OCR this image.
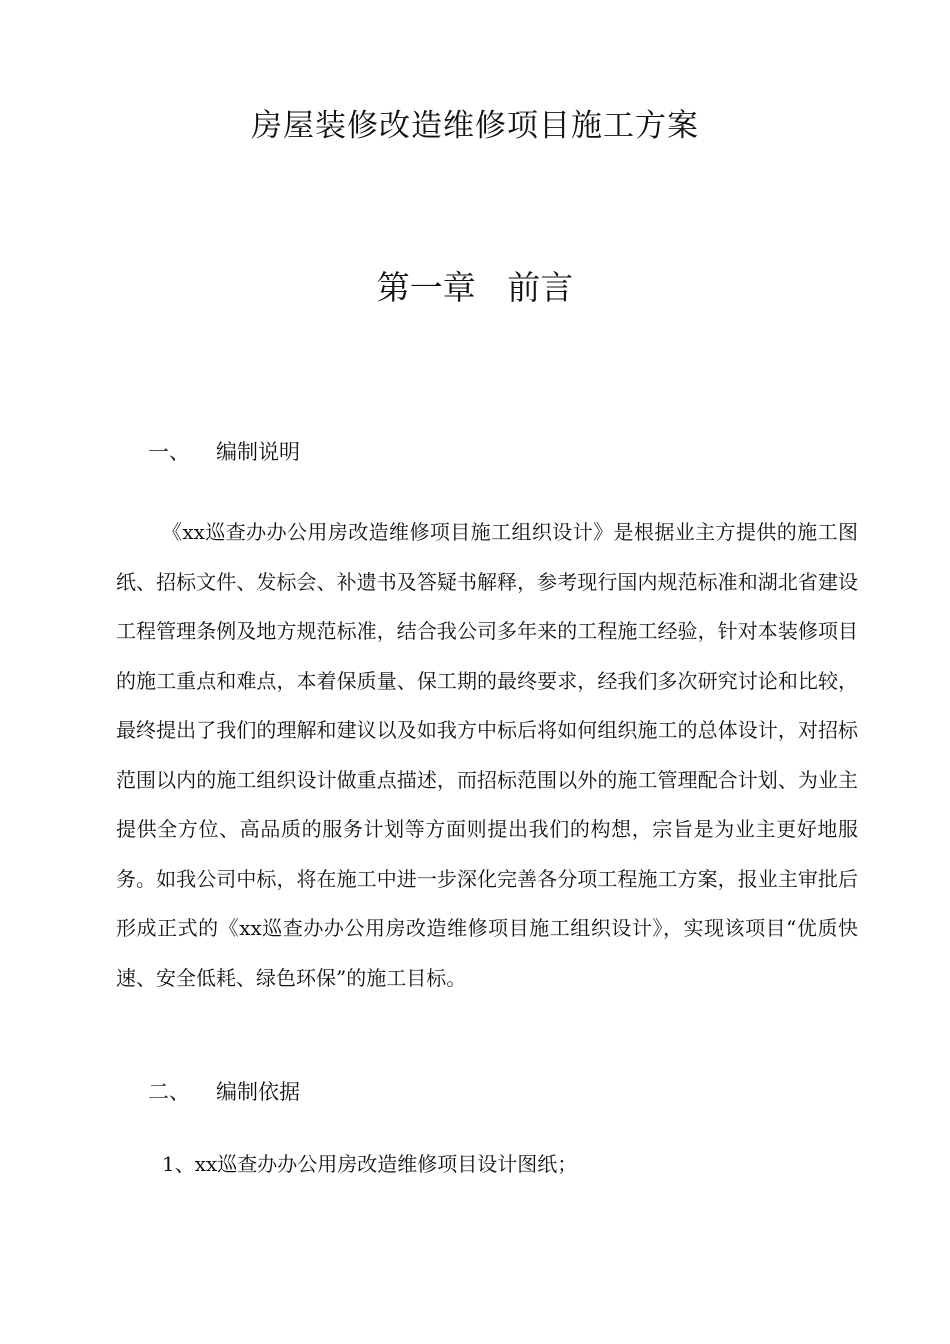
房屋装修改造维修项目施工方案
第一章   前言
一、	编制说明

《xx巡查办办公用房改造维修项目施工组织设计》是根据业主方提供的施工图纸、招标文件、发标会、补遗书及答疑书解释，参考现行国内规范标准和湖北省建设工程管理条例及地方规范标准，结合我公司多年来的工程施工经验，针对本装修项目的施工重点和难点，本着保质量、保工期的最终要求，经我们多次研究讨论和比较，最终提出了我们的理解和建议以及如我方中标后将如何组织施工的总体设计，对招标范围以内的施工组织设计做重点描述，而招标范围以外的施工管理配合计划、为业主提供全方位、高品质的服务计划等方面则提出我们的构想，宗旨是为业主更好地服务。如我公司中标，将在施工中进一步深化完善各分项工程施工方案，报业主审批后形成正式的《xx巡查办办公用房改造维修项目施工组织设计》，实现该项目“优质快速、安全低耗、绿色环保”的施工目标。

二、	编制依据

1、xx巡查办办公用房改造维修项目设计图纸；
